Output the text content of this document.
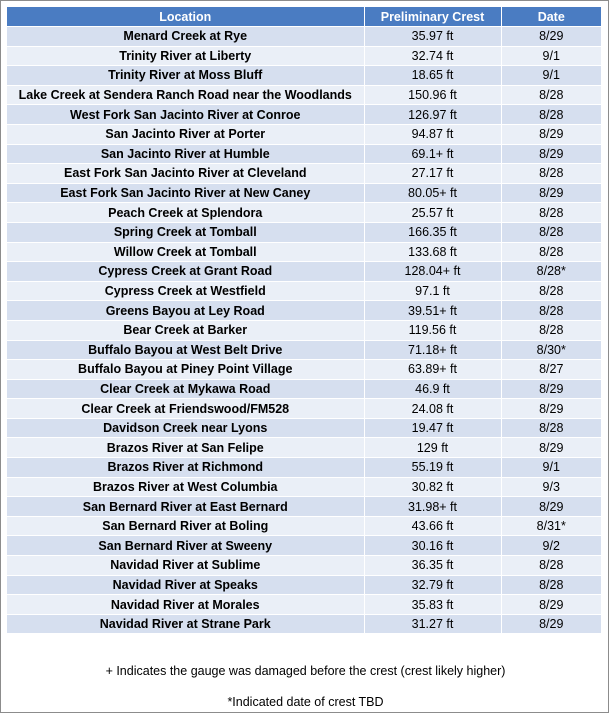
Location	Preliminary Crest	Date
Menard Creek at Rye	35.97 ft	8/29
Trinity River at Liberty	32.74 ft	9/1
Trinity River at Moss Bluff	18.65 ft	9/1
Lake Creek at Sendera Ranch Road near the Woodlands	150.96 ft	8/28
West Fork San Jacinto River at Conroe	126.97 ft	8/28
San Jacinto River at Porter	94.87 ft	8/29
San Jacinto River at Humble	69.1+ ft	8/29
East Fork San Jacinto River at Cleveland	27.17 ft	8/28
East Fork San Jacinto River at New Caney	80.05+ ft	8/29
Peach Creek at Splendora	25.57 ft	8/28
Spring Creek at Tomball	166.35 ft	8/28
Willow Creek at Tomball	133.68 ft	8/28
Cypress Creek at Grant Road	128.04+ ft	8/28*
Cypress Creek at Westfield	97.1 ft	8/28
Greens Bayou at Ley Road	39.51+ ft	8/28
Bear Creek at Barker	119.56 ft	8/28
Buffalo Bayou at West Belt Drive	71.18+ ft	8/30*
Buffalo Bayou at Piney Point Village	63.89+ ft	8/27
Clear Creek at Mykawa Road	46.9 ft	8/29
Clear Creek at Friendswood/FM528	24.08 ft	8/29
Davidson Creek near Lyons	19.47 ft	8/28
Brazos River at San Felipe	129 ft	8/29
Brazos River at Richmond	55.19 ft	9/1
Brazos River at West Columbia	30.82 ft	9/3
San Bernard River at East Bernard	31.98+ ft	8/29
San Bernard River at Boling	43.66 ft	8/31*
San Bernard River at Sweeny	30.16 ft	9/2
Navidad River at Sublime	36.35 ft	8/28
Navidad River at Speaks	32.79 ft	8/28
Navidad River at Morales	35.83 ft	8/29
Navidad River at Strane Park	31.27 ft	8/29
+ Indicates the gauge was damaged before the crest (crest likely higher)
*Indicated date of crest TBD
